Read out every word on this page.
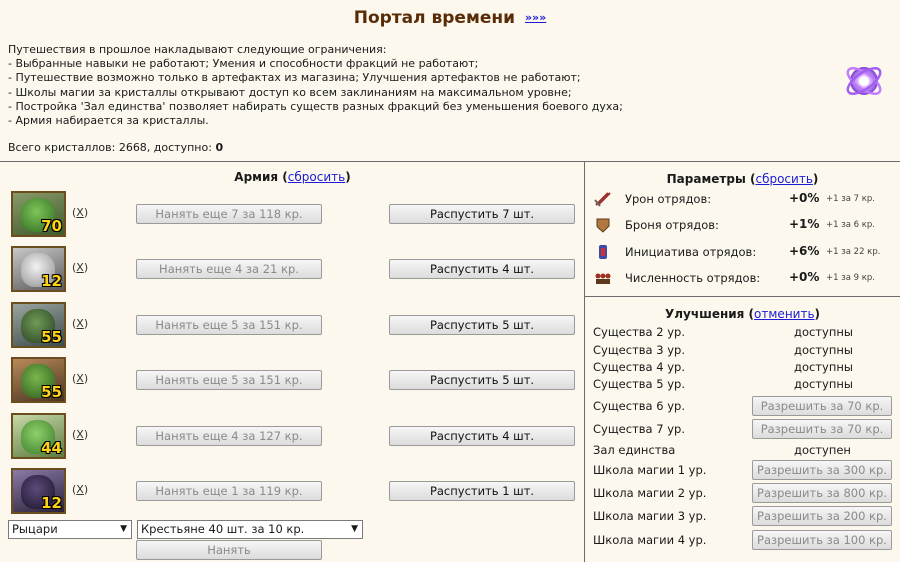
Портал времени »»»
Путешествия в прошлое накладывают следующие ограничения:
- Выбранные навыки не работают; Умения и способности фракций не работают;
- Путешествие возможно только в артефактах из магазина; Улучшения артефактов не работают;
- Школы магии за кристаллы открывают доступ ко всем заклинаниям на максимальном уровне;
- Постройка 'Зал единства' позволяет набирать существ разных фракций без уменьшения боевого духа;
- Армия набирается за кристаллы.
Всего кристаллов: 2668, доступно: 0
Армия (сбросить)
70
(X)	Нанять еще 7 за 118 кр.	Распустить 7 шт.
12
(X)	Нанять еще 4 за 21 кр.	Распустить 4 шт.
55
(X)	Нанять еще 5 за 151 кр.	Распустить 5 шт.
55
(X)	Нанять еще 5 за 151 кр.	Распустить 5 шт.
44
(X)	Нанять еще 4 за 127 кр.	Распустить 4 шт.
12
(X)	Нанять еще 1 за 119 кр.	Распустить 1 шт.
Рыцари	▼	Крестьяне 40 шт. за 10 кр.	▼
Нанять
Параметры (сбросить)
Урон отрядов:	+0% +1 за 7 кр.
Броня отрядов:	+1% +1 за 6 кр.
Инициатива отрядов:	+6% +1 за 22 кр.
Численность отрядов: +0% +1 за 9 кр.
Улучшения (отменить)
Существа 2 ур.	доступны
Существа 3 ур.	доступны
Существа 4 ур.	доступны
Существа 5 ур.	доступны
Существа 6 ур.	Разрешить за 70 кр.
Существа 7 ур.	Разрешить за 70 кр.
Зал единства	доступен
Школа магии 1 ур.	Разрешить за 300 кр.
Школа магии 2 ур.	Разрешить за 800 кр.
Школа магии 3 ур.	Разрешить за 200 кр.
Школа магии 4 ур.	Разрешить за 100 кр.
